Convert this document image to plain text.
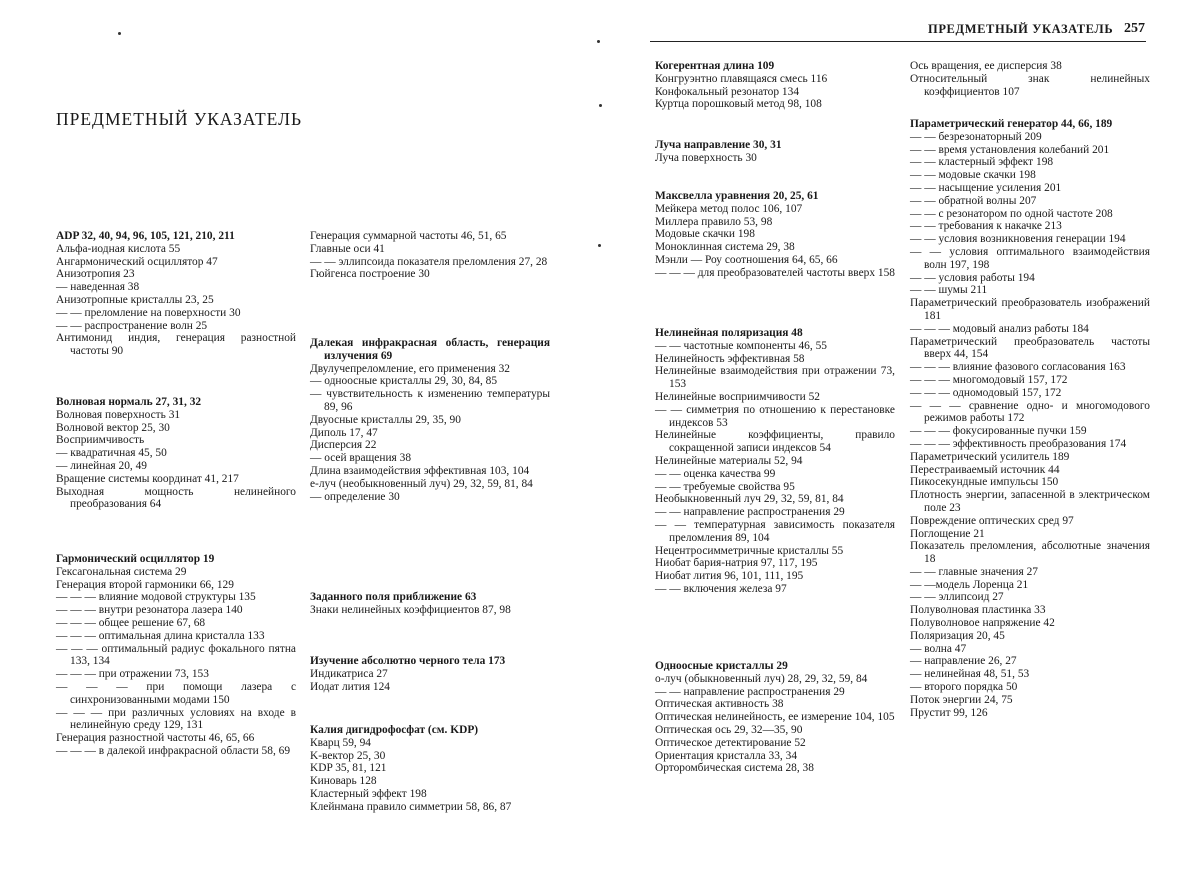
ПРЕДМЕТНЫЙ УКАЗАТЕЛЬ
ПРЕДМЕТНЫЙ УКАЗАТЕЛЬ 257
ADP 32, 40, 94, 96, 105, 121, 210, 211
Альфа-иодная кислота 55
Ангармонический осциллятор 47
Анизотропия 23
— наведенная 38
Анизотропные кристаллы 23, 25
— — преломление на поверхности 30
— — распространение волн 25
Антимонид индия, генерация разностной частоты 90
Волновая нормаль 27, 31, 32
Волновая поверхность 31
Волновой вектор 25, 30
Восприимчивость
— квадратичная 45, 50
— линейная 20, 49
Вращение системы координат 41, 217
Выходная мощность нелинейного преобразования 64
Гармонический осциллятор 19
Гексагональная система 29
Генерация второй гармоники 66, 129
— — — влияние модовой структуры 135
— — — внутри резонатора лазера 140
— — — общее решение 67, 68
— — — оптимальная длина кристалла 133
— — — оптимальный радиус фокального пятна 133, 134
— — — при отражении 73, 153
— — — при помощи лазера с синхронизованными модами 150
— — — при различных условиях на входе в нелинейную среду 129, 131
Генерация разностной частоты 46, 65, 66
— — — в далекой инфракрасной области 58, 69
Генерация суммарной частоты 46, 51, 65
Главные оси 41
— — эллипсоида показателя преломления 27, 28
Гюйгенса построение 30
Далекая инфракрасная область, генерация излучения 69
Двулучепреломление, его применения 32
— одноосные кристаллы 29, 30, 84, 85
— чувствительность к изменению температуры 89, 96
Двуосные кристаллы 29, 35, 90
Диполь 17, 47
Дисперсия 22
— осей вращения 38
Длина взаимодействия эффективная 103, 104
е-луч (необыкновенный луч) 29, 32, 59, 81, 84
— определение 30
Заданного поля приближение 63
Знаки нелинейных коэффициентов 87, 98
Изучение абсолютно черного тела 173
Индикатриса 27
Иодат лития 124
Калия дигидрофосфат (см. KDP)
Кварц 59, 94
K-вектор 25, 30
KDP 35, 81, 121
Киноварь 128
Кластерный эффект 198
Клейнмана правило симметрии 58, 86, 87
Когерентная длина 109
Конгруэнтно плавящаяся смесь 116
Конфокальный резонатор 134
Куртца порошковый метод 98, 108
Луча направление 30, 31
Луча поверхность 30
Максвелла уравнения 20, 25, 61
Мейкера метод полос 106, 107
Миллера правило 53, 98
Модовые скачки 198
Моноклинная система 29, 38
Мэнли — Роу соотношения 64, 65, 66
— — — для преобразователей частоты вверх 158
Нелинейная поляризация 48
— — частотные компоненты 46, 55
Нелинейность эффективная 58
Нелинейные взаимодействия при отражении 73, 153
Нелинейные восприимчивости 52
— — симметрия по отношению к перестановке индексов 53
Нелинейные коэффициенты, правило сокращенной записи индексов 54
Нелинейные материалы 52, 94
— — оценка качества 99
— — требуемые свойства 95
Необыкновенный луч 29, 32, 59, 81, 84
— — направление распространения 29
— — температурная зависимость показателя преломления 89, 104
Нецентросимметричные кристаллы 55
Ниобат бария-натрия 97, 117, 195
Ниобат лития 96, 101, 111, 195
— — включения железа 97
Одноосные кристаллы 29
о-луч (обыкновенный луч) 28, 29, 32, 59, 84
— — направление распространения 29
Оптическая активность 38
Оптическая нелинейность, ее измерение 104, 105
Оптическая ось 29, 32—35, 90
Оптическое детектирование 52
Ориентация кристалла 33, 34
Орторомбическая система 28, 38
Ось вращения, ее дисперсия 38
Относительный знак нелинейных коэффициентов 107
Параметрический генератор 44, 66, 189
— — безрезонаторный 209
— — время установления колебаний 201
— — кластерный эффект 198
— — модовые скачки 198
— — насыщение усиления 201
— — обратной волны 207
— — с резонатором по одной частоте 208
— — требования к накачке 213
— — условия возникновения генерации 194
— — условия оптимального взаимодействия волн 197, 198
— — условия работы 194
— — шумы 211
Параметрический преобразователь изображений 181
— — — модовый анализ работы 184
Параметрический преобразователь частоты вверх 44, 154
— — — влияние фазового согласования 163
— — — многомодовый 157, 172
— — — одномодовый 157, 172
— — — сравнение одно- и многомодового режимов работы 172
— — — фокусированные пучки 159
— — — эффективность преобразования 174
Параметрический усилитель 189
Перестраиваемый источник 44
Пикосекундные импульсы 150
Плотность энергии, запасенной в электрическом поле 23
Повреждение оптических сред 97
Поглощение 21
Показатель преломления, абсолютные значения 18
— — главные значения 27
— —модель Лоренца 21
— — эллипсоид 27
Полуволновая пластинка 33
Полуволновое напряжение 42
Поляризация 20, 45
— волна 47
— направление 26, 27
— нелинейная 48, 51, 53
— второго порядка 50
Поток энергии 24, 75
Прустит 99, 126
